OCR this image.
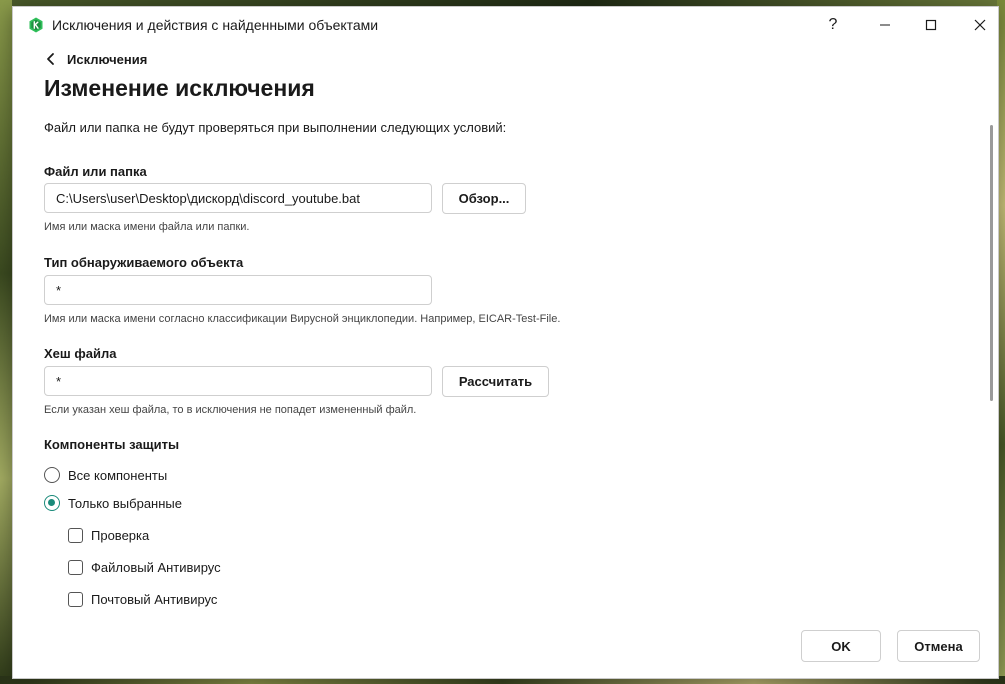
Исключения и действия с найденными объектами	?
Исключения
Изменение исключения
Файл или папка не будут проверяться при выполнении следующих условий:
Файл или папка
C:\Users\user\Desktop\дискорд\discord_youtube.bat
Обзор...
Имя или маска имени файла или папки.
Тип обнаруживаемого объекта
*
Имя или маска имени согласно классификации Вирусной энциклопедии. Например, EICAR-Test-File.
Хеш файла
*
Рассчитать
Если указан хеш файла, то в исключения не попадет измененный файл.
Компоненты защиты
Все компоненты
Только выбранные
Проверка
Файловый Антивирус
Почтовый Антивирус
OK	Отмена
